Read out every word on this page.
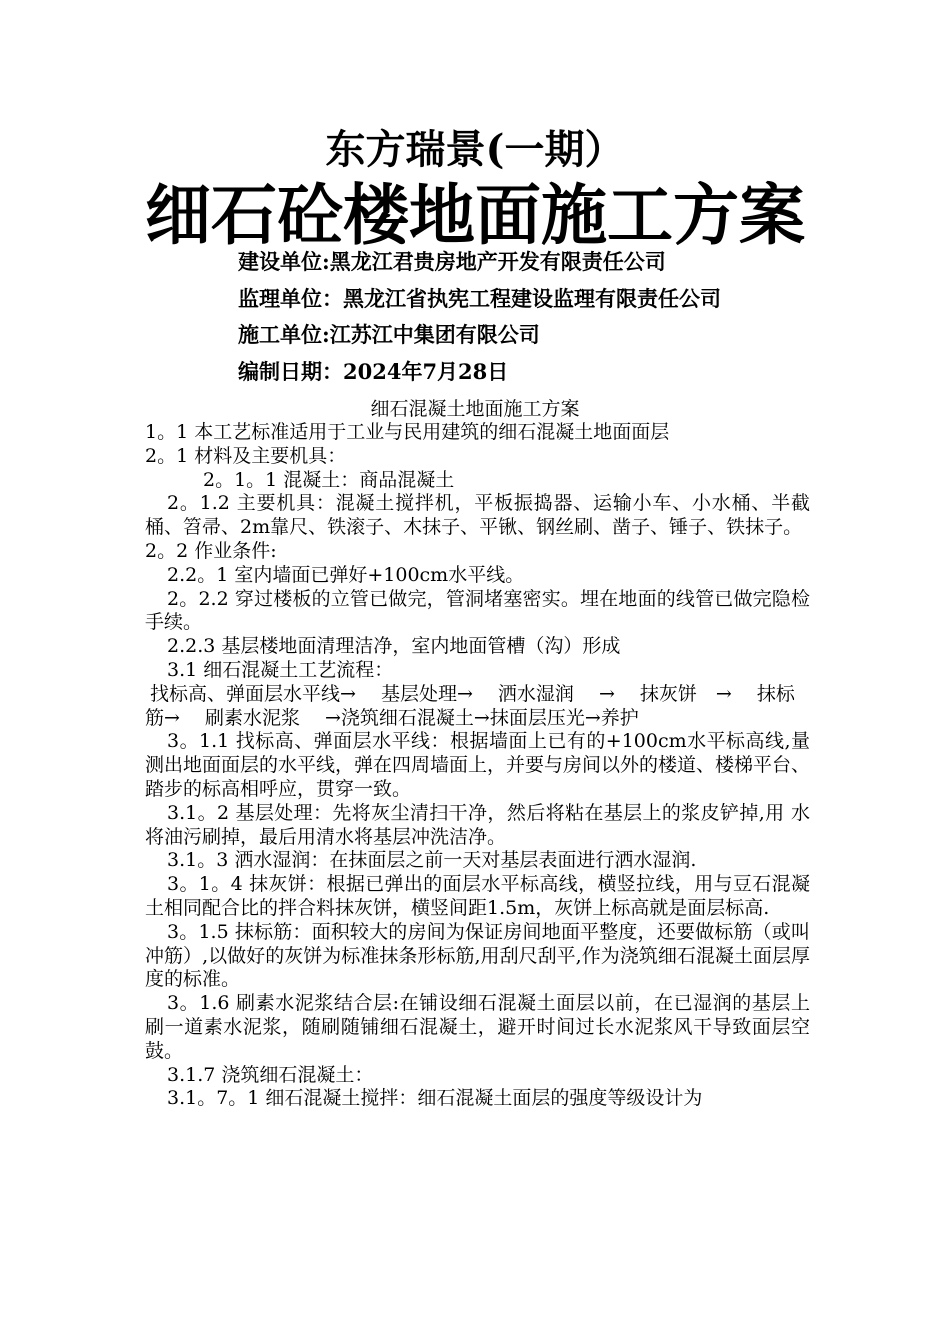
东方瑞景(一期）
细石砼楼地面施工方案
建设单位:黑龙江君贵房地产开发有限责任公司
监理单位：黑龙江省执宪工程建设监理有限责任公司
施工单位:江苏江中集团有限公司
编制日期：2024年7月28日
细石混凝土地面施工方案

1。1 本工艺标准适用于工业与民用建筑的细石混凝土地面面层

2。1 材料及主要机具：

2。1。1 混凝土：商品混凝土

2。1.2 主要机具：混凝土搅拌机，平板振捣器、运输小车、小水桶、半截桶、笤帚、2m靠尺、铁滚子、木抹子、平锹、钢丝刷、凿子、锤子、铁抹子。

2。2 作业条件:

2.2。1 室内墙面已弹好+100cm水平线。

2。2.2 穿过楼板的立管已做完，管洞堵塞密实。埋在地面的线管已做完隐检手续。

2.2.3 基层楼地面清理洁净，室内地面管槽（沟）形成

3.1 细石混凝土工艺流程：

找标高、弹面层水平线→　 基层处理→　 洒水湿润　 →　 抹灰饼　→　 抹标筋→　 刷素水泥浆　 →浇筑细石混凝土→抹面层压光→养护

3。1.1 找标高、弹面层水平线：根据墙面上已有的+100cm水平标高线,量测出地面面层的水平线，弹在四周墙面上，并要与房间以外的楼道、楼梯平台、踏步的标高相呼应，贯穿一致。

3.1。2 基层处理：先将灰尘清扫干净，然后将粘在基层上的浆皮铲掉,用 水将油污刷掉，最后用清水将基层冲洗洁净。

3.1。3 洒水湿润：在抹面层之前一天对基层表面进行洒水湿润.

3。1。4 抹灰饼：根据已弹出的面层水平标高线，横竖拉线，用与豆石混凝土相同配合比的拌合料抹灰饼，横竖间距1.5m，灰饼上标高就是面层标高.

3。1.5 抹标筋：面积较大的房间为保证房间地面平整度，还要做标筋（或叫 冲筋）,以做好的灰饼为标准抹条形标筋,用刮尺刮平,作为浇筑细石混凝土面层厚度的标准。

3。1.6 刷素水泥浆结合层:在铺设细石混凝土面层以前，在已湿润的基层上 刷一道素水泥浆，随刷随铺细石混凝土，避开时间过长水泥浆风干导致面层空鼓。

3.1.7 浇筑细石混凝土：

3.1。7。1 细石混凝土搅拌：细石混凝土面层的强度等级设计为
